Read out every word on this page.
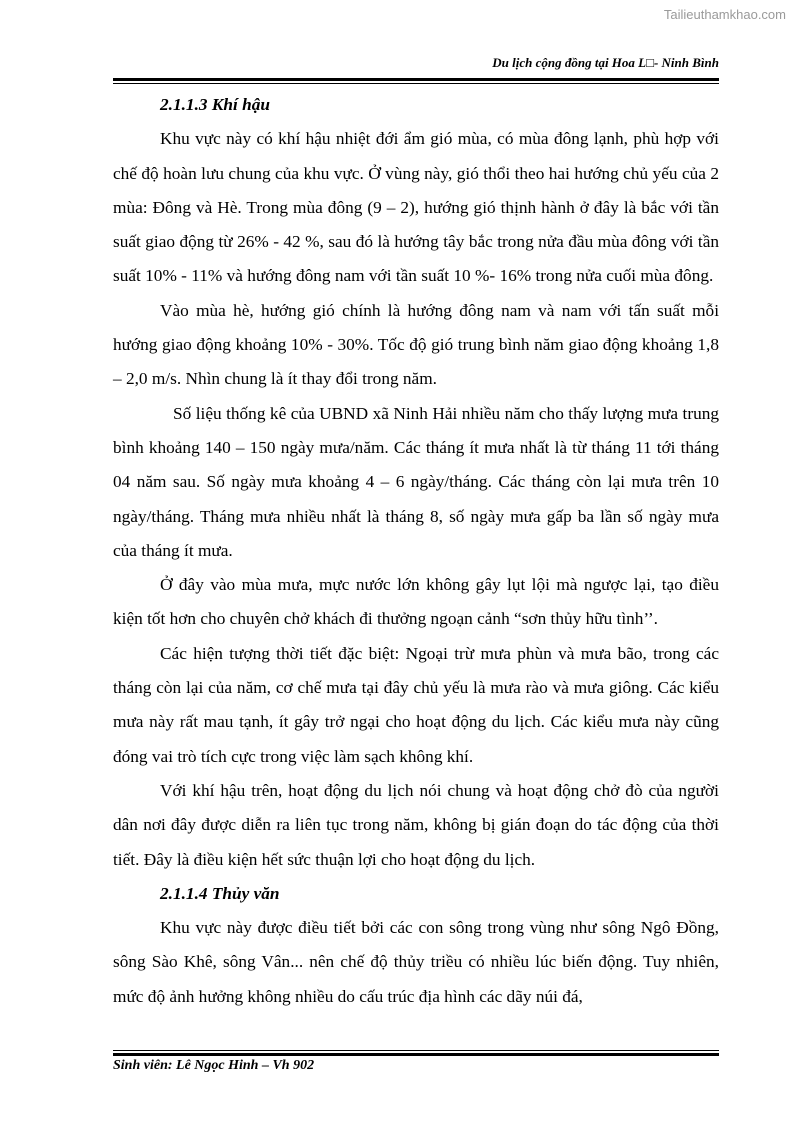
Tailieuthamkhao.com
Du lịch cộng đồng tại Hoa L□- Ninh Bình
2.1.1.3 Khí hậu

Khu vực này có khí hậu nhiệt đới ẩm gió mùa, có mùa đông lạnh, phù hợp với chế độ hoàn lưu chung của khu vực. Ở vùng này, gió thổi theo hai hướng chủ yếu của 2 mùa: Đông và Hè. Trong mùa đông (9 – 2), hướng gió thịnh hành ở đây là bắc với tần suất giao động từ 26% - 42 %, sau đó là hướng tây bắc trong nửa đầu mùa đông với tần suất 10% - 11% và hướng đông nam với tần suất 10 %- 16% trong nửa cuối mùa đông.

Vào mùa hè, hướng gió chính là hướng đông nam và nam với tấn suất mỗi hướng giao động khoảng 10% - 30%. Tốc độ gió trung bình năm giao động khoảng 1,8 – 2,0 m/s. Nhìn chung là ít thay đổi trong năm.

Số liệu thống kê của UBND xã Ninh Hải nhiều năm cho thấy lượng mưa trung bình khoảng 140 – 150 ngày mưa/năm. Các tháng ít mưa nhất là từ tháng 11 tới tháng 04 năm sau. Số ngày mưa khoảng 4 – 6 ngày/tháng. Các tháng còn lại mưa trên 10 ngày/tháng. Tháng mưa nhiều nhất là tháng 8, số ngày mưa gấp ba lần số ngày mưa của tháng ít mưa.

Ở đây vào mùa mưa, mực nước lớn không gây lụt lội mà ngược lại, tạo điều kiện tốt hơn cho chuyên chở khách đi thưởng ngoạn cảnh “sơn thủy hữu tình’’.

Các hiện tượng thời tiết đặc biệt: Ngoại trừ mưa phùn và mưa bão, trong các tháng còn lại của năm, cơ chế mưa tại đây chủ yếu là mưa rào và mưa giông. Các kiểu mưa này rất mau tạnh, ít gây trở ngại cho hoạt động du lịch. Các kiểu mưa này cũng đóng vai trò tích cực trong việc làm sạch không khí.

Với khí hậu trên, hoạt động du lịch nói chung và hoạt động chở đò của người dân nơi đây được diễn ra liên tục trong năm, không bị gián đoạn do tác động của thời tiết. Đây là điều kiện hết sức thuận lợi cho hoạt động du lịch.

2.1.1.4 Thủy văn

Khu vực này được điều tiết bởi các con sông trong vùng như sông Ngô Đồng, sông Sào Khê, sông Vân... nên chế độ thủy triều có nhiều lúc biến động. Tuy nhiên, mức độ ảnh hưởng không nhiều do cấu trúc địa hình các dãy núi đá,

Sinh viên: Lê Ngọc Hinh – Vh 902
